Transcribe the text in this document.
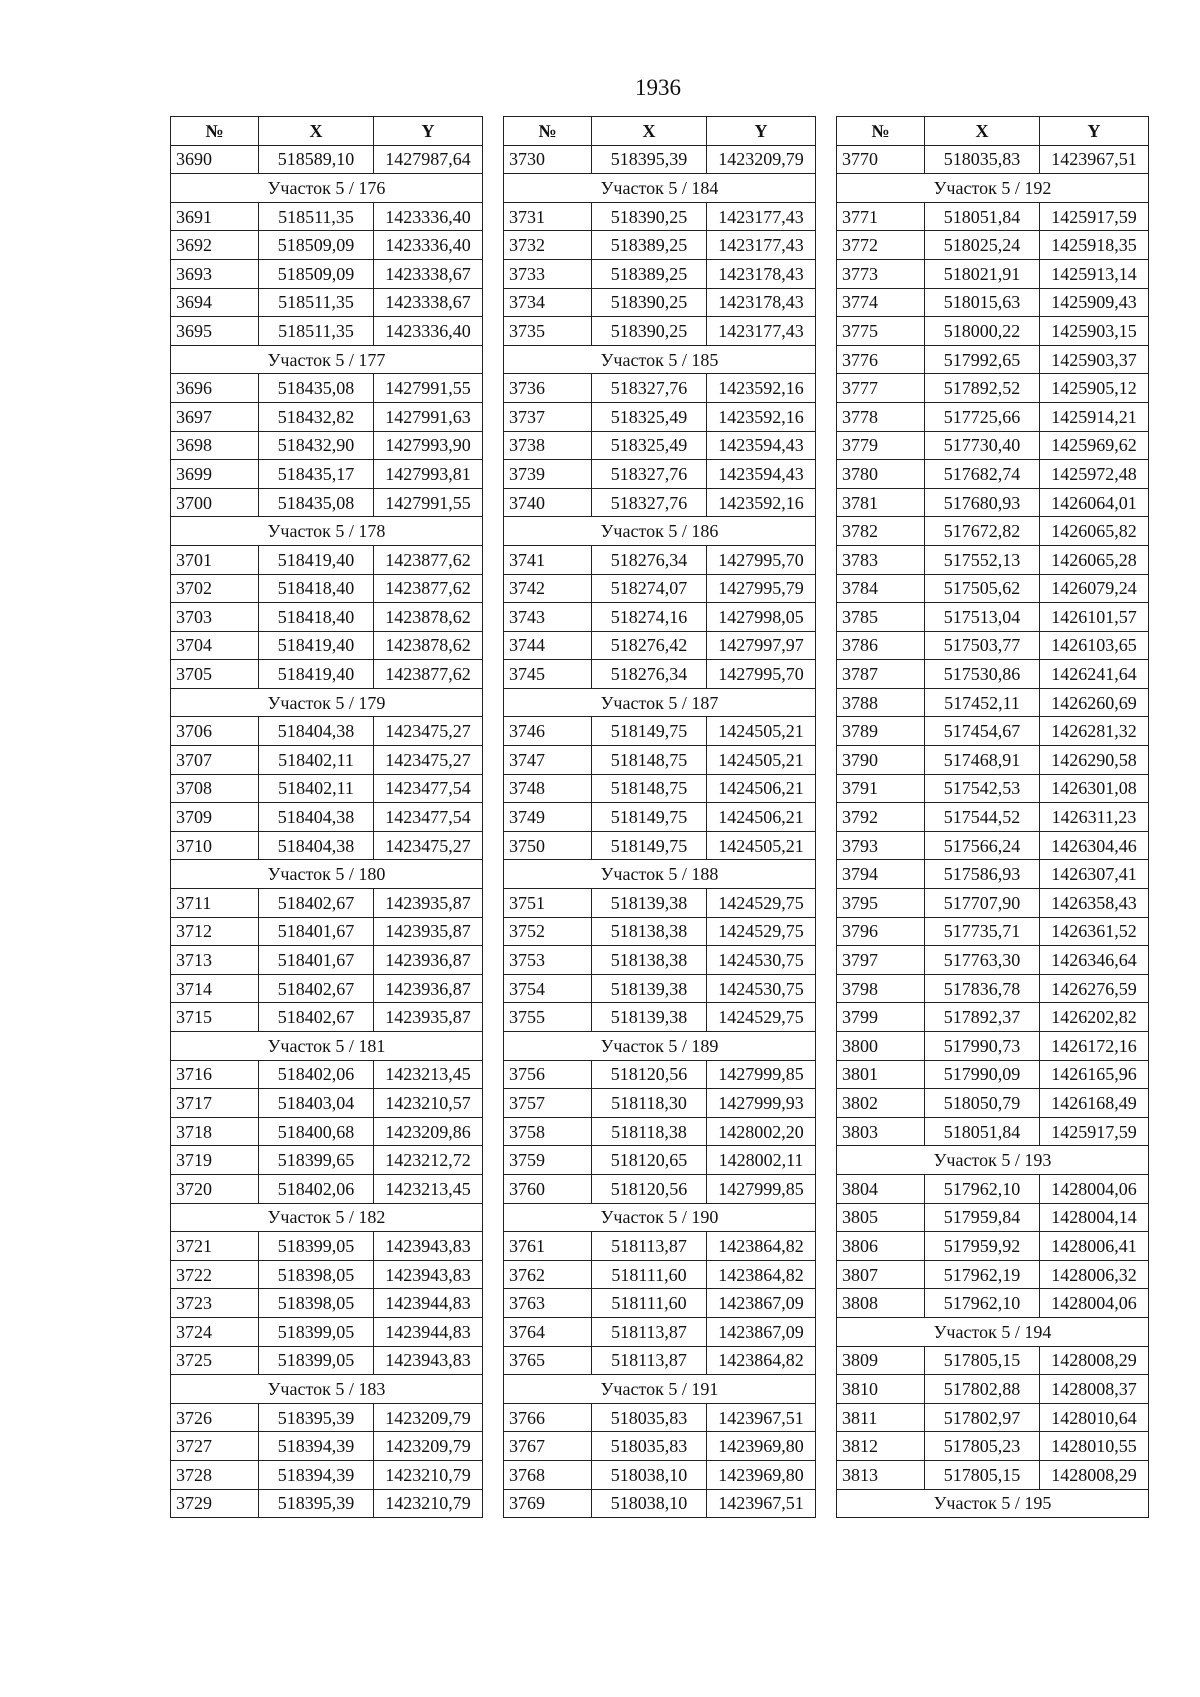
1936
№	X	Y
3690	518589,10	1427987,64
Участок 5 / 176		
3691	518511,35	1423336,40
3692	518509,09	1423336,40
3693	518509,09	1423338,67
3694	518511,35	1423338,67
3695	518511,35	1423336,40
Участок 5 / 177		
3696	518435,08	1427991,55
3697	518432,82	1427991,63
3698	518432,90	1427993,90
3699	518435,17	1427993,81
3700	518435,08	1427991,55
Участок 5 / 178		
3701	518419,40	1423877,62
3702	518418,40	1423877,62
3703	518418,40	1423878,62
3704	518419,40	1423878,62
3705	518419,40	1423877,62
Участок 5 / 179		
3706	518404,38	1423475,27
3707	518402,11	1423475,27
3708	518402,11	1423477,54
3709	518404,38	1423477,54
3710	518404,38	1423475,27
Участок 5 / 180		
3711	518402,67	1423935,87
3712	518401,67	1423935,87
3713	518401,67	1423936,87
3714	518402,67	1423936,87
3715	518402,67	1423935,87
Участок 5 / 181		
3716	518402,06	1423213,45
3717	518403,04	1423210,57
3718	518400,68	1423209,86
3719	518399,65	1423212,72
3720	518402,06	1423213,45
Участок 5 / 182		
3721	518399,05	1423943,83
3722	518398,05	1423943,83
3723	518398,05	1423944,83
3724	518399,05	1423944,83
3725	518399,05	1423943,83
Участок 5 / 183		
3726	518395,39	1423209,79
3727	518394,39	1423209,79
3728	518394,39	1423210,79
3729	518395,39	1423210,79
№	X	Y
3730	518395,39	1423209,79
Участок 5 / 184		
3731	518390,25	1423177,43
3732	518389,25	1423177,43
3733	518389,25	1423178,43
3734	518390,25	1423178,43
3735	518390,25	1423177,43
Участок 5 / 185		
3736	518327,76	1423592,16
3737	518325,49	1423592,16
3738	518325,49	1423594,43
3739	518327,76	1423594,43
3740	518327,76	1423592,16
Участок 5 / 186		
3741	518276,34	1427995,70
3742	518274,07	1427995,79
3743	518274,16	1427998,05
3744	518276,42	1427997,97
3745	518276,34	1427995,70
Участок 5 / 187		
3746	518149,75	1424505,21
3747	518148,75	1424505,21
3748	518148,75	1424506,21
3749	518149,75	1424506,21
3750	518149,75	1424505,21
Участок 5 / 188		
3751	518139,38	1424529,75
3752	518138,38	1424529,75
3753	518138,38	1424530,75
3754	518139,38	1424530,75
3755	518139,38	1424529,75
Участок 5 / 189		
3756	518120,56	1427999,85
3757	518118,30	1427999,93
3758	518118,38	1428002,20
3759	518120,65	1428002,11
3760	518120,56	1427999,85
Участок 5 / 190		
3761	518113,87	1423864,82
3762	518111,60	1423864,82
3763	518111,60	1423867,09
3764	518113,87	1423867,09
3765	518113,87	1423864,82
Участок 5 / 191		
3766	518035,83	1423967,51
3767	518035,83	1423969,80
3768	518038,10	1423969,80
3769	518038,10	1423967,51
№	X	Y
3770	518035,83	1423967,51
Участок 5 / 192		
3771	518051,84	1425917,59
3772	518025,24	1425918,35
3773	518021,91	1425913,14
3774	518015,63	1425909,43
3775	518000,22	1425903,15
3776	517992,65	1425903,37
3777	517892,52	1425905,12
3778	517725,66	1425914,21
3779	517730,40	1425969,62
3780	517682,74	1425972,48
3781	517680,93	1426064,01
3782	517672,82	1426065,82
3783	517552,13	1426065,28
3784	517505,62	1426079,24
3785	517513,04	1426101,57
3786	517503,77	1426103,65
3787	517530,86	1426241,64
3788	517452,11	1426260,69
3789	517454,67	1426281,32
3790	517468,91	1426290,58
3791	517542,53	1426301,08
3792	517544,52	1426311,23
3793	517566,24	1426304,46
3794	517586,93	1426307,41
3795	517707,90	1426358,43
3796	517735,71	1426361,52
3797	517763,30	1426346,64
3798	517836,78	1426276,59
3799	517892,37	1426202,82
3800	517990,73	1426172,16
3801	517990,09	1426165,96
3802	518050,79	1426168,49
3803	518051,84	1425917,59
Участок 5 / 193		
3804	517962,10	1428004,06
3805	517959,84	1428004,14
3806	517959,92	1428006,41
3807	517962,19	1428006,32
3808	517962,10	1428004,06
Участок 5 / 194		
3809	517805,15	1428008,29
3810	517802,88	1428008,37
3811	517802,97	1428010,64
3812	517805,23	1428010,55
3813	517805,15	1428008,29
Участок 5 / 195		
